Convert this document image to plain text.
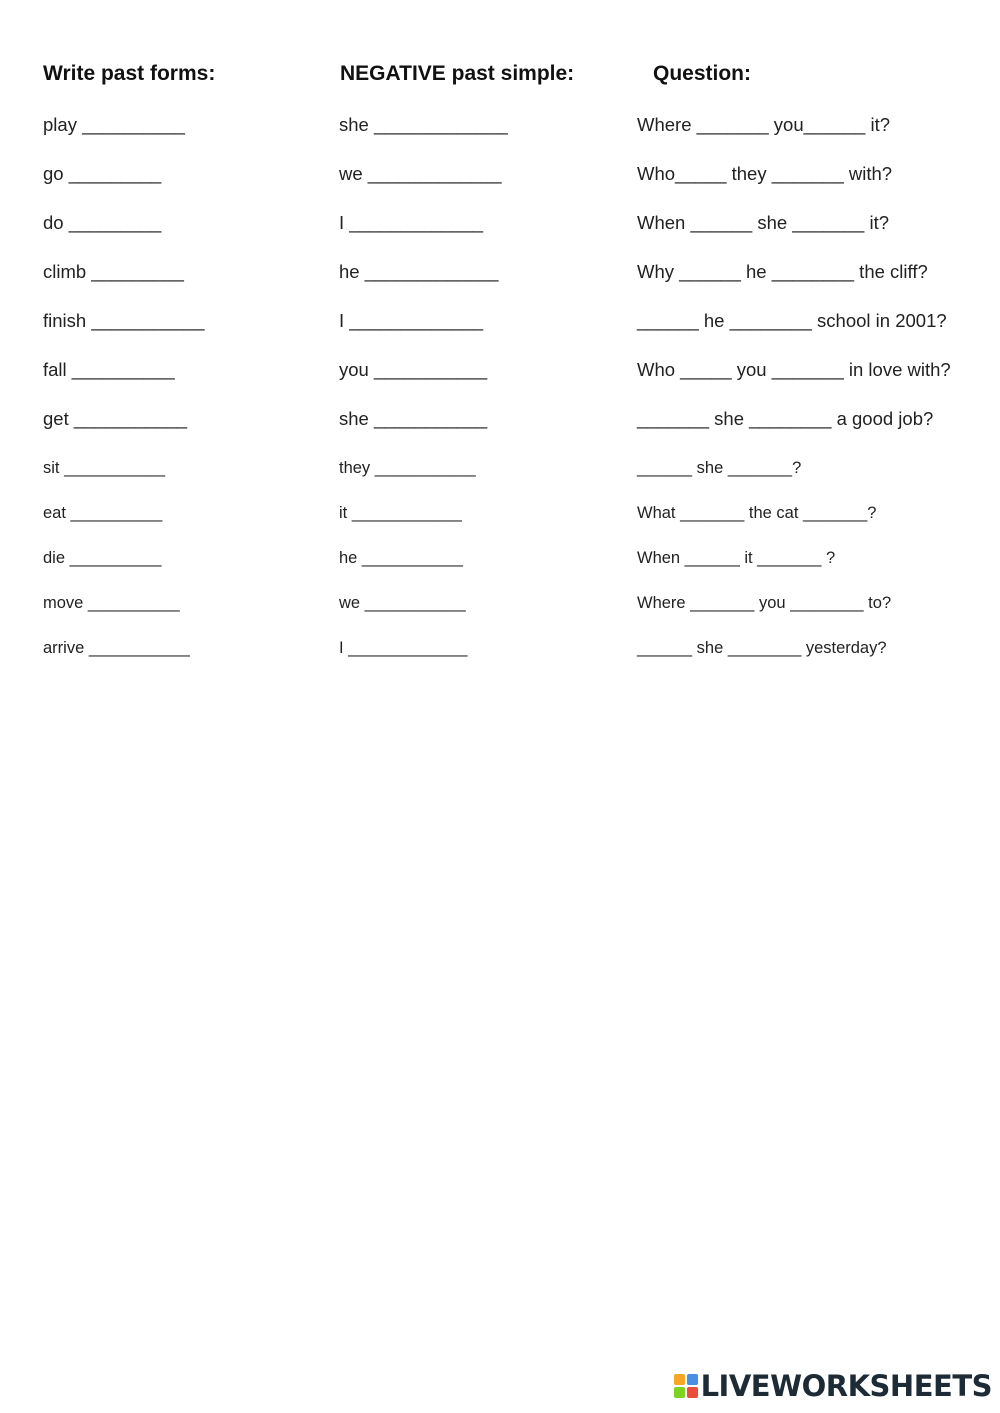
Write past forms:	NEGATIVE past simple:	Question:
play __________
go _________
do _________
climb _________
finish ___________
fall __________
get ___________
sit ___________
eat __________
die __________
move __________
arrive ___________
she _____________
we _____________
I _____________
he _____________
I _____________
you ___________
she ___________
they ___________
it ____________
he ___________
we ___________
I _____________
Where _______ you______ it?
Who_____ they _______ with?
When ______ she _______ it?
Why ______ he ________ the cliff?
______ he ________ school in 2001?
Who _____ you _______ in love with?
_______ she ________ a good job?
______ she _______?
What _______ the cat _______?
When ______ it _______ ?
Where _______ you ________ to?
______ she ________ yesterday?
LIVEWORKSHEETS
